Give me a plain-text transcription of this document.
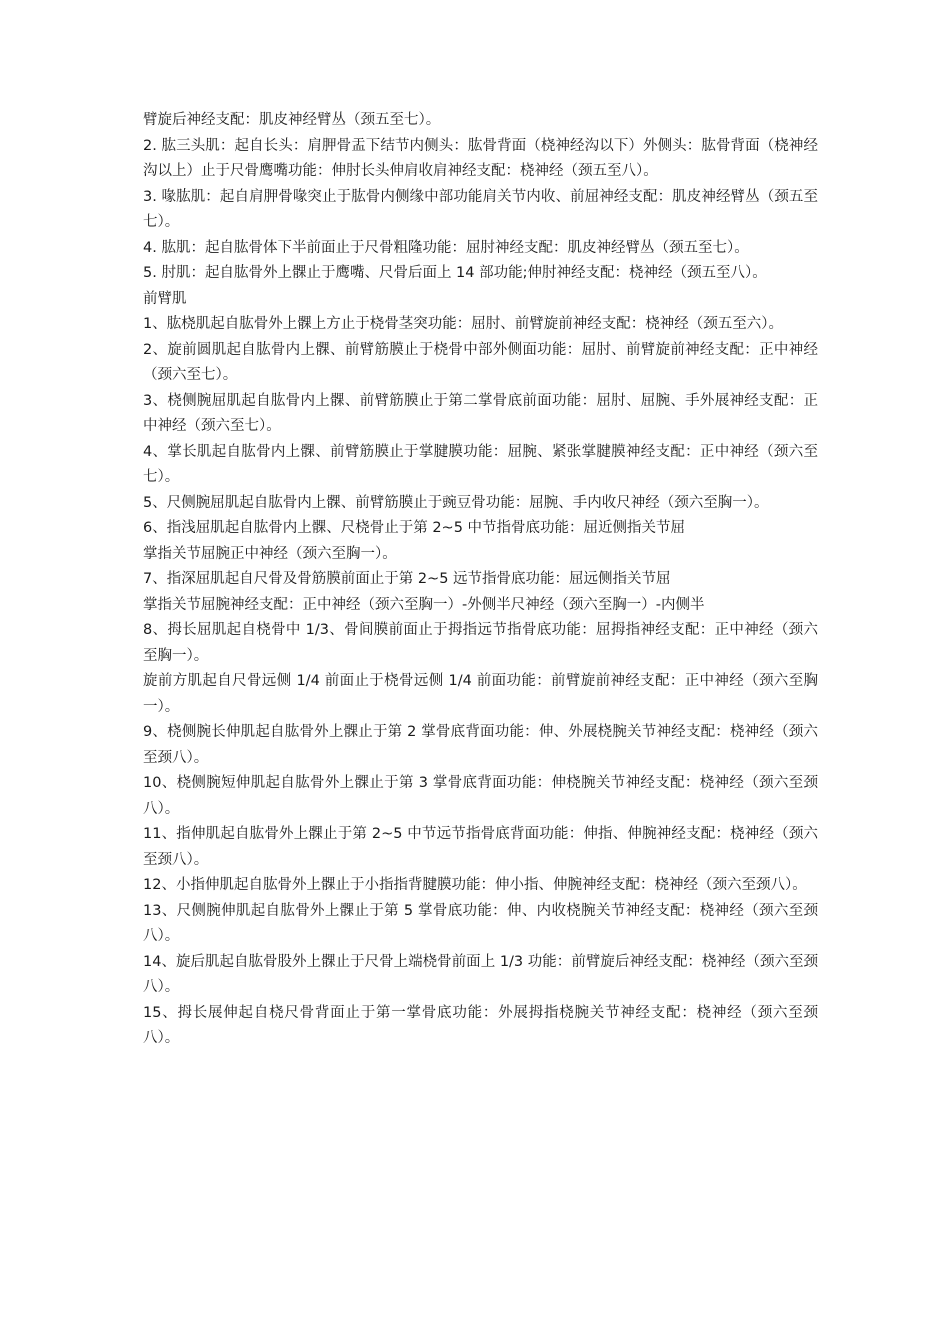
臂旋后神经支配：肌皮神经臂丛（颈五至七）。

2. 肱三头肌：起自长头：肩胛骨盂下结节内侧头：肱骨背面（桡神经沟以下）外侧头：肱骨背面（桡神经沟以上）止于尺骨鹰嘴功能：伸肘长头伸肩收肩神经支配：桡神经（颈五至八）。

3. 喙肱肌：起自肩胛骨喙突止于肱骨内侧缘中部功能肩关节内收、前屈神经支配：肌皮神经臂丛（颈五至七）。

4. 肱肌：起自肱骨体下半前面止于尺骨粗隆功能：屈肘神经支配：肌皮神经臂丛（颈五至七）。

5. 肘肌：起自肱骨外上髁止于鹰嘴、尺骨后面上 14 部功能;伸肘神经支配：桡神经（颈五至八）。

前臂肌

1、肱桡肌起自肱骨外上髁上方止于桡骨茎突功能：屈肘、前臂旋前神经支配：桡神经（颈五至六）。

2、旋前圆肌起自肱骨内上髁、前臂筋膜止于桡骨中部外侧面功能：屈肘、前臂旋前神经支配：正中神经（颈六至七）。

3、桡侧腕屈肌起自肱骨内上髁、前臂筋膜止于第二掌骨底前面功能：屈肘、屈腕、手外展神经支配：正中神经（颈六至七）。

4、掌长肌起自肱骨内上髁、前臂筋膜止于掌腱膜功能：屈腕、紧张掌腱膜神经支配：正中神经（颈六至七）。

5、尺侧腕屈肌起自肱骨内上髁、前臂筋膜止于豌豆骨功能：屈腕、手内收尺神经（颈六至胸一）。

6、指浅屈肌起自肱骨内上髁、尺桡骨止于第 2~5 中节指骨底功能：屈近侧指关节屈

掌指关节屈腕正中神经（颈六至胸一）。

7、指深屈肌起自尺骨及骨筋膜前面止于第 2~5 远节指骨底功能：屈远侧指关节屈

掌指关节屈腕神经支配：正中神经（颈六至胸一）-外侧半尺神经（颈六至胸一）-内侧半

8、拇长屈肌起自桡骨中 1/3、骨间膜前面止于拇指远节指骨底功能：屈拇指神经支配：正中神经（颈六至胸一）。

旋前方肌起自尺骨远侧 1/4 前面止于桡骨远侧 1/4 前面功能：前臂旋前神经支配：正中神经（颈六至胸一）。

9、桡侧腕长伸肌起自肱骨外上髁止于第 2 掌骨底背面功能：伸、外展桡腕关节神经支配：桡神经（颈六至颈八）。

10、桡侧腕短伸肌起自肱骨外上髁止于第 3 掌骨底背面功能：伸桡腕关节神经支配：桡神经（颈六至颈八）。

11、指伸肌起自肱骨外上髁止于第 2~5 中节远节指骨底背面功能：伸指、伸腕神经支配：桡神经（颈六至颈八）。

12、小指伸肌起自肱骨外上髁止于小指指背腱膜功能：伸小指、伸腕神经支配：桡神经（颈六至颈八）。

13、尺侧腕伸肌起自肱骨外上髁止于第 5 掌骨底功能：伸、内收桡腕关节神经支配：桡神经（颈六至颈八）。

14、旋后肌起自肱骨股外上髁止于尺骨上端桡骨前面上 1/3 功能：前臂旋后神经支配：桡神经（颈六至颈八）。

15、拇长展伸起自桡尺骨背面止于第一掌骨底功能：外展拇指桡腕关节神经支配：桡神经（颈六至颈八）。
